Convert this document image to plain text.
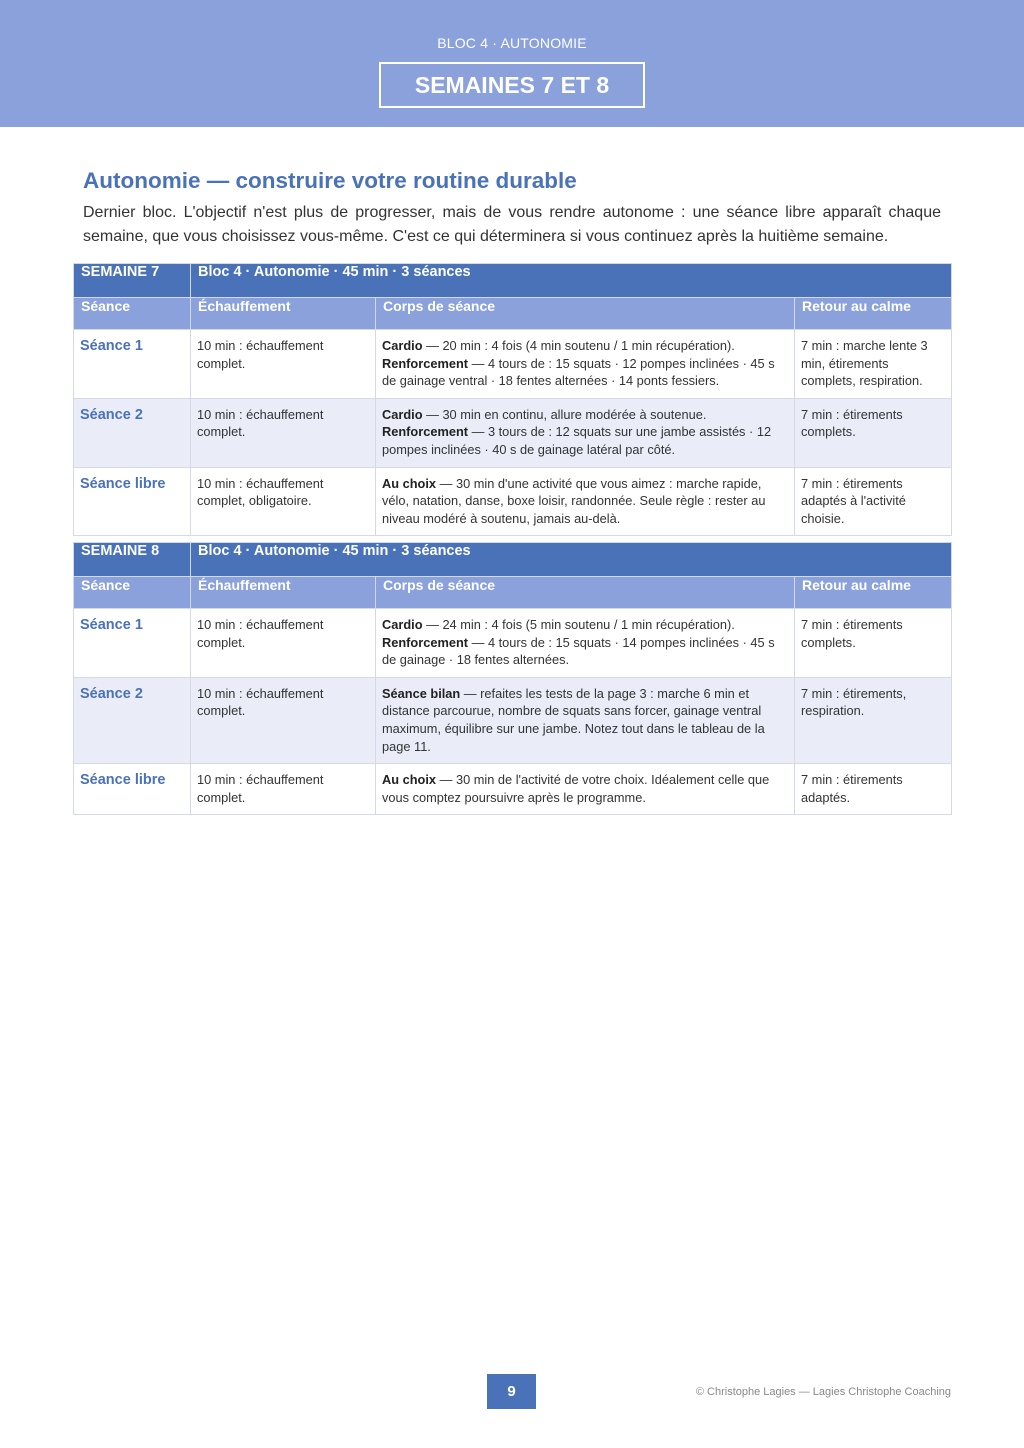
BLOC 4 · AUTONOMIE
SEMAINES 7 ET 8
Autonomie — construire votre routine durable

Dernier bloc. L'objectif n'est plus de progresser, mais de vous rendre autonome : une séance libre apparaît chaque semaine, que vous choisissez vous-même. C'est ce qui déterminera si vous continuez après la huitième semaine.

SEMAINE 7	Bloc 4 · Autonomie · 45 min · 3 séances		
Séance	Échauffement	Corps de séance	Retour au calme
Séance 1	10 min : échauffement complet.	Cardio — 20 min : 4 fois (4 min soutenu / 1 min récupération).
Renforcement — 4 tours de : 15 squats · 12 pompes inclinées · 45 s de gainage ventral · 18 fentes alternées · 14 ponts fessiers.	7 min : marche lente 3 min, étirements complets, respiration.
Séance 2	10 min : échauffement complet.	Cardio — 30 min en continu, allure modérée à soutenue.
Renforcement — 3 tours de : 12 squats sur une jambe assistés · 12 pompes inclinées · 40 s de gainage latéral par côté.	7 min : étirements complets.
Séance libre	10 min : échauffement complet, obligatoire.	Au choix — 30 min d'une activité que vous aimez : marche rapide, vélo, natation, danse, boxe loisir, randonnée. Seule règle : rester au niveau modéré à soutenu, jamais au-delà.	7 min : étirements adaptés à l'activité choisie.
SEMAINE 8	Bloc 4 · Autonomie · 45 min · 3 séances		
Séance	Échauffement	Corps de séance	Retour au calme
Séance 1	10 min : échauffement complet.	Cardio — 24 min : 4 fois (5 min soutenu / 1 min récupération).
Renforcement — 4 tours de : 15 squats · 14 pompes inclinées · 45 s de gainage · 18 fentes alternées.	7 min : étirements complets.
Séance 2	10 min : échauffement complet.	Séance bilan — refaites les tests de la page 3 : marche 6 min et distance parcourue, nombre de squats sans forcer, gainage ventral maximum, équilibre sur une jambe. Notez tout dans le tableau de la page 11.	7 min : étirements, respiration.
Séance libre	10 min : échauffement complet.	Au choix — 30 min de l'activité de votre choix. Idéalement celle que vous comptez poursuivre après le programme.	7 min : étirements adaptés.
9	© Christophe Lagies — Lagies Christophe Coaching
